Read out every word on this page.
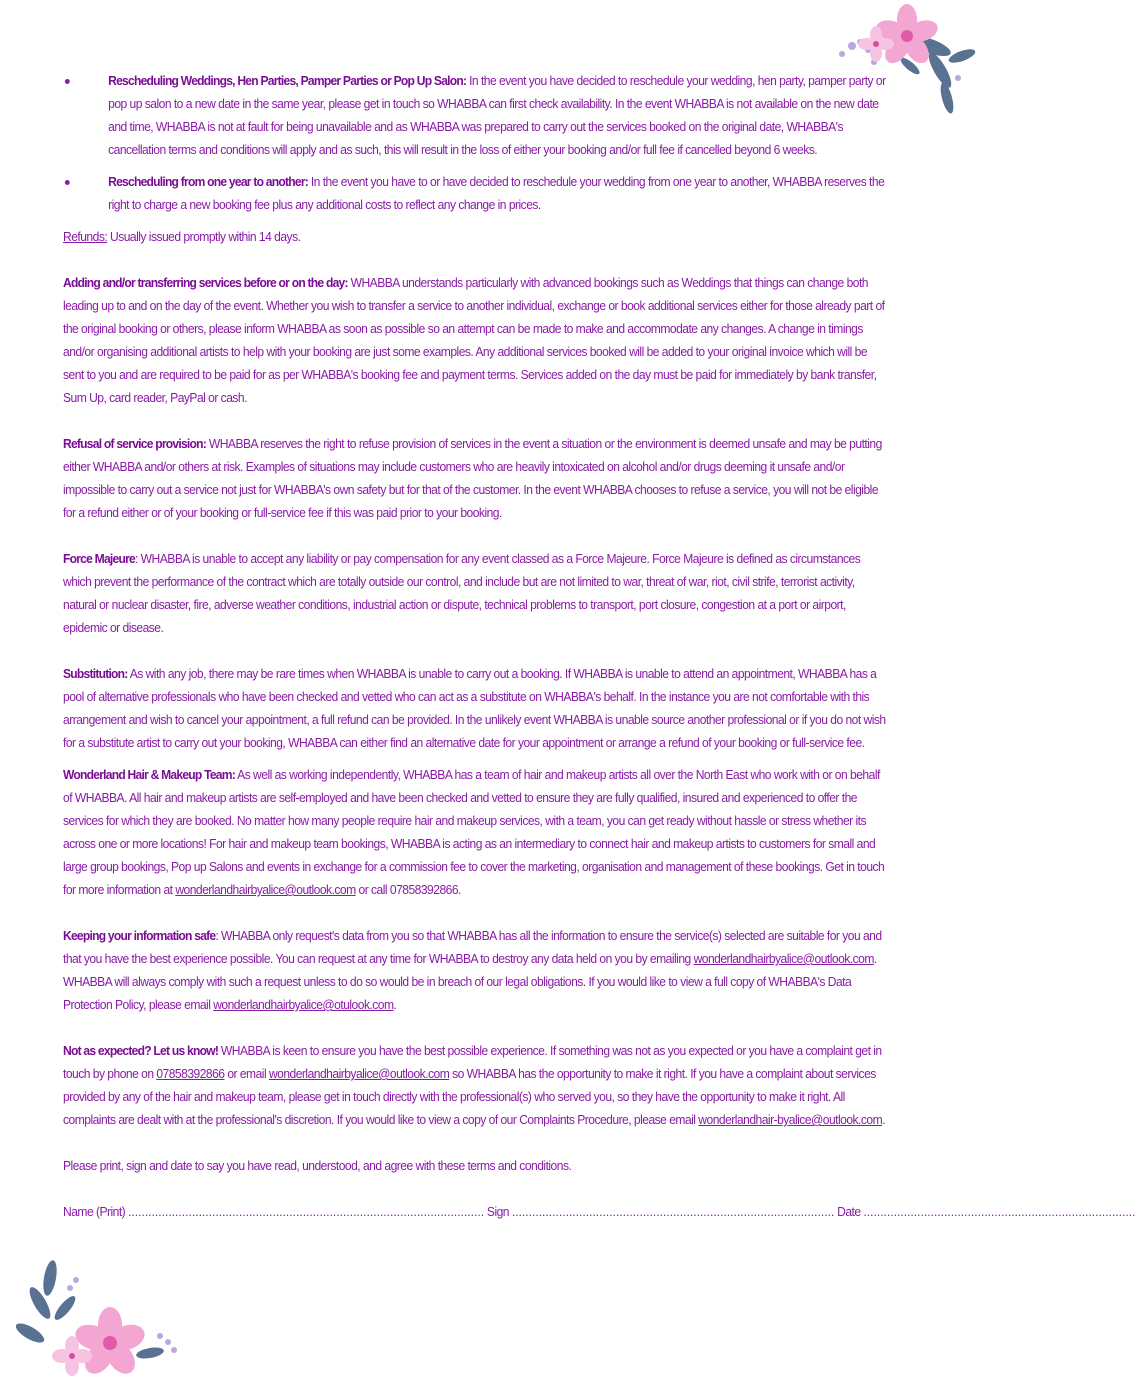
Rescheduling Weddings, Hen Parties, Pamper Parties or Pop Up Salon: In the event you have decided to reschedule your wedding, hen party, pamper party or pop up salon to a new date in the same year, please get in touch so WHABBA can first check availability. In the event WHABBA is not available on the new date and time, WHABBA is not at fault for being unavailable and as WHABBA was prepared to carry out the services booked on the original date, WHABBA's cancellation terms and conditions will apply and as such, this will result in the loss of either your booking and/or full fee if cancelled beyond 6 weeks.
Rescheduling from one year to another: In the event you have to or have decided to reschedule your wedding from one year to another, WHABBA reserves the right to charge a new booking fee plus any additional costs to reflect any change in prices.

Refunds: Usually issued promptly within 14 days.

Adding and/or transferring services before or on the day: WHABBA understands particularly with advanced bookings such as Weddings that things can change both leading up to and on the day of the event. Whether you wish to transfer a service to another individual, exchange or book additional services either for those already part of the original booking or others, please inform WHABBA as soon as possible so an attempt can be made to make and accommodate any changes. A change in timings and/or organising additional artists to help with your booking are just some examples. Any additional services booked will be added to your original invoice which will be sent to you and are required to be paid for as per WHABBA's booking fee and payment terms. Services added on the day must be paid for immediately by bank transfer, Sum Up, card reader, PayPal or cash.

Refusal of service provision: WHABBA reserves the right to refuse provision of services in the event a situation or the environment is deemed unsafe and may be putting either WHABBA and/or others at risk. Examples of situations may include customers who are heavily intoxicated on alcohol and/or drugs deeming it unsafe and/or impossible to carry out a service not just for WHABBA's own safety but for that of the customer. In the event WHABBA chooses to refuse a service, you will not be eligible for a refund either or of your booking or full-service fee if this was paid prior to your booking.

Force Majeure: WHABBA is unable to accept any liability or pay compensation for any event classed as a Force Majeure. Force Majeure is defined as circumstances which prevent the performance of the contract which are totally outside our control, and include but are not limited to war, threat of war, riot, civil strife, terrorist activity, natural or nuclear disaster, fire, adverse weather conditions, industrial action or dispute, technical problems to transport, port closure, congestion at a port or airport, epidemic or disease.

Substitution: As with any job, there may be rare times when WHABBA is unable to carry out a booking. If WHABBA is unable to attend an appointment, WHABBA has a pool of alternative professionals who have been checked and vetted who can act as a substitute on WHABBA's behalf. In the instance you are not comfortable with this arrangement and wish to cancel your appointment, a full refund can be provided. In the unlikely event WHABBA is unable source another professional or if you do not wish for a substitute artist to carry out your booking, WHABBA can either find an alternative date for your appointment or arrange a refund of your booking or full-service fee.

Wonderland Hair & Makeup Team: As well as working independently, WHABBA has a team of hair and makeup artists all over the North East who work with or on behalf of WHABBA. All hair and makeup artists are self-employed and have been checked and vetted to ensure they are fully qualified, insured and experienced to offer the services for which they are booked. No matter how many people require hair and makeup services, with a team, you can get ready without hassle or stress whether its across one or more locations! For hair and makeup team bookings, WHABBA is acting as an intermediary to connect hair and makeup artists to customers for small and large group bookings, Pop up Salons and events in exchange for a commission fee to cover the marketing, organisation and management of these bookings. Get in touch for more information at wonderlandhairbyalice@outlook.com or call 07858392866.

Keeping your information safe: WHABBA only request's data from you so that WHABBA has all the information to ensure the service(s) selected are suitable for you and that you have the best experience possible. You can request at any time for WHABBA to destroy any data held on you by emailing wonderlandhairbyalice@outlook.com. WHABBA will always comply with such a request unless to do so would be in breach of our legal obligations. If you would like to view a full copy of WHABBA's Data Protection Policy, please email wonderlandhairbyalice@otulook.com.

Not as expected? Let us know! WHABBA is keen to ensure you have the best possible experience. If something was not as you expected or you have a complaint get in touch by phone on 07858392866 or email wonderlandhairbyalice@outlook.com so WHABBA has the opportunity to make it right. If you have a complaint about services provided by any of the hair and makeup team, please get in touch directly with the professional(s) who served you, so they have the opportunity to make it right. All complaints are dealt with at the professional's discretion. If you would like to view a copy of our Complaints Procedure, please email wonderlandhair-byalice@outlook.com.

Please print, sign and date to say you have read, understood, and agree with these terms and conditions.

Name (Print) .......................................................................................................... Sign ................................................................................................ Date .................................................................................
